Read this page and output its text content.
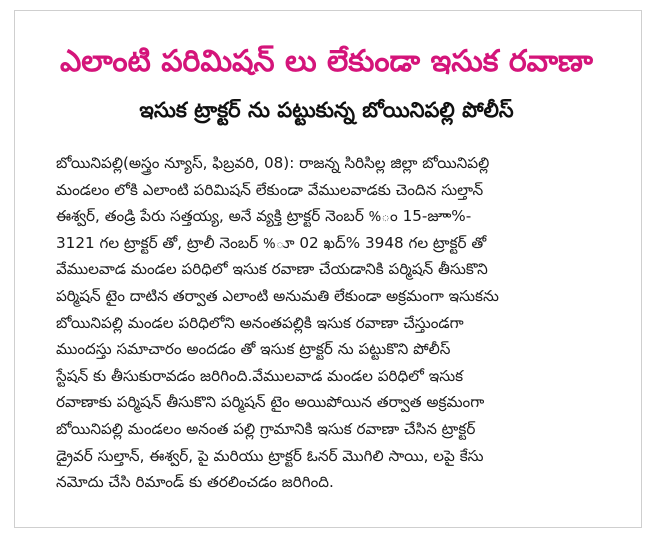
ఎలాంటి పరిమిషన్ లు లేకుండా ఇసుక రవాణా
ఇసుక ట్రాక్టర్ ను పట్టుకున్న బోయినిపల్లి పోలీస్
బోయినిపల్లి(అస్త్రం న్యూస్, ఫిబ్రవరి, 08): రాజన్న సిరిసిల్ల జిల్లా బోయినిపల్లి
మండలం లోకి ఎలాంటి పరిమిషన్ లేకుండా వేములవాడకు చెందిన సుల్తాన్
ఈశ్వర్, తండ్రి పేరు సత్తయ్య, అనే వ్యక్తి ట్రాక్టర్ నెంబర్ %ం 15-జూా%-
3121 గల ట్రాక్టర్ తో, ట్రాలీ నెంబర్ %ూ 02 ఖద్% 3948 గల ట్రాక్టర్ తో
వేములవాడ మండల పరిధిలో ఇసుక రవాణా చేయడానికి పర్మిషన్ తీసుకొని
పర్మిషన్ టైం దాటిన తర్వాత ఎలాంటి అనుమతి లేకుండా అక్రమంగా ఇసుకను
బోయినిపల్లి మండల పరిధిలోని అనంతపల్లికి ఇసుక రవాణా చేస్తుండగా
ముందస్తు సమాచారం అందడం తో ఇసుక ట్రాక్టర్ ను పట్టుకొని పోలీస్
స్టేషన్ కు తీసుకురావడం జరిగింది.వేములవాడ మండల పరిధిలో ఇసుక
రవాణాకు పర్మిషన్ తీసుకొని పర్మిషన్ టైం అయిపోయిన తర్వాత అక్రమంగా
బోయినిపల్లి మండలం అనంత పల్లి గ్రామానికి ఇసుక రవాణా చేసిన ట్రాక్టర్
డ్రైవర్ సుల్తాన్, ఈశ్వర్, పై మరియు ట్రాక్టర్ ఓనర్ మొగిలి సాయి, లపై కేసు
నమోదు చేసి రిమాండ్ కు తరలించడం జరిగింది.
